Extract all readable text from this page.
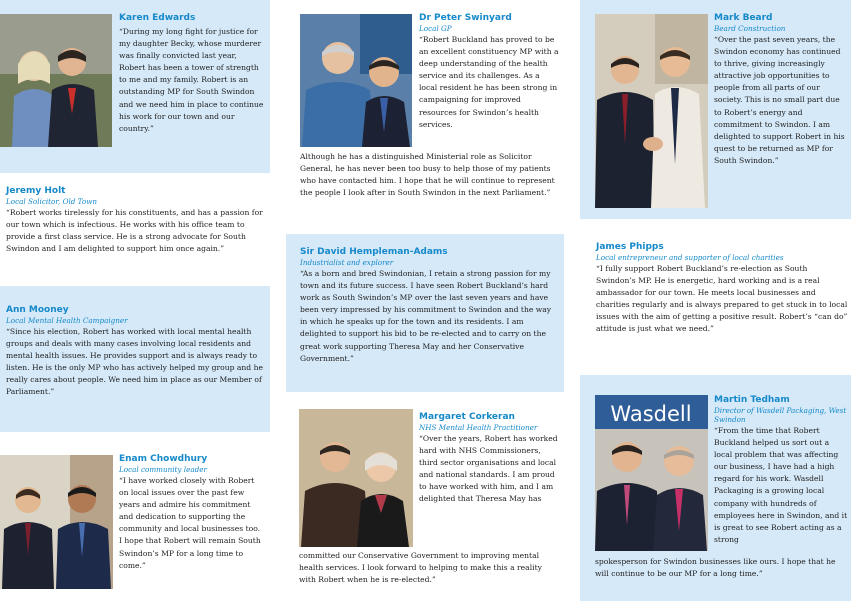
Karen Edwards

“During my long fight for justice for my daughter Becky, whose murderer was finally convicted last year, Robert has been a tower of strength to me and my family. Robert is an outstanding MP for South Swindon and we need him in place to continue his work for our town and our country.”

Jeremy Holt
Local Solicitor, Old Town

“Robert works tirelessly for his constituents, and has a passion for our town which is infectious. He works with his office team to provide a first class service. He is a strong advocate for South Swindon and I am delighted to support him once again.”

Ann Mooney
Local Mental Health Campaigner

“Since his election, Robert has worked with local mental health groups and deals with many cases involving local residents and mental health issues. He provides support and is always ready to listen. He is the only MP who has actively helped my group and he really cares about people. We need him in place as our Member of Parliament.”

Enam Chowdhury
Local community leader

“I have worked closely with Robert on local issues over the past few years and admire his commitment and dedication to supporting the community and local businesses too. I hope that Robert will remain South Swindon’s MP for a long time to come.”

Dr Peter Swinyard
Local GP

“Robert Buckland has proved to be an excellent constituency MP with a deep understanding of the health service and its challenges. As a local resident he has been strong in campaigning for improved resources for Swindon’s health services.

Although he has a distinguished Ministerial role as Solicitor General, he has never been too busy to help those of my patients who have contacted him. I hope that he will continue to represent the people I look after in South Swindon in the next Parliament.”

Sir David Hempleman-Adams
Industrialist and explorer

“As a born and bred Swindonian, I retain a strong passion for my town and its future success. I have seen Robert Buckland’s hard work as South Swindon’s MP over the last seven years and have been very impressed by his commitment to Swindon and the way in which he speaks up for the town and its residents. I am delighted to support his bid to be re-elected and to carry on the great work supporting Theresa May and her Conservative Government.”

Margaret Corkeran
NHS Mental Health Practitioner

“Over the years, Robert has worked hard with NHS Commissioners, third sector organisations and local and national standards. I am proud to have worked with him, and I am delighted that Theresa May has

committed our Conservative Government to improving mental health services. I look forward to helping to make this a reality with Robert when he is re-elected.”

Mark Beard
Beard Construction

“Over the past seven years, the Swindon economy has continued to thrive, giving increasingly attractive job opportunities to people from all parts of our society. This is no small part due to Robert’s energy and commitment to Swindon. I am delighted to support Robert in his quest to be returned as MP for South Swindon.”

James Phipps
Local entrepreneur and supporter of local charities

“I fully support Robert Buckland’s re-election as South Swindon’s MP. He is energetic, hard working and is a real ambassador for our town. He meets local businesses and charities regularly and is always prepared to get stuck in to local issues with the aim of getting a positive result. Robert’s “can do” attitude is just what we need.”

Wasdell
Martin Tedham
Director of Wasdell Packaging, West Swindon

“From the time that Robert Buckland helped us sort out a local problem that was affecting our business, I have had a high regard for his work. Wasdell Packaging is a growing local company with hundreds of employees here in Swindon, and it is great to see Robert acting as a strong

spokesperson for Swindon businesses like ours. I hope that he will continue to be our MP for a long time.”
